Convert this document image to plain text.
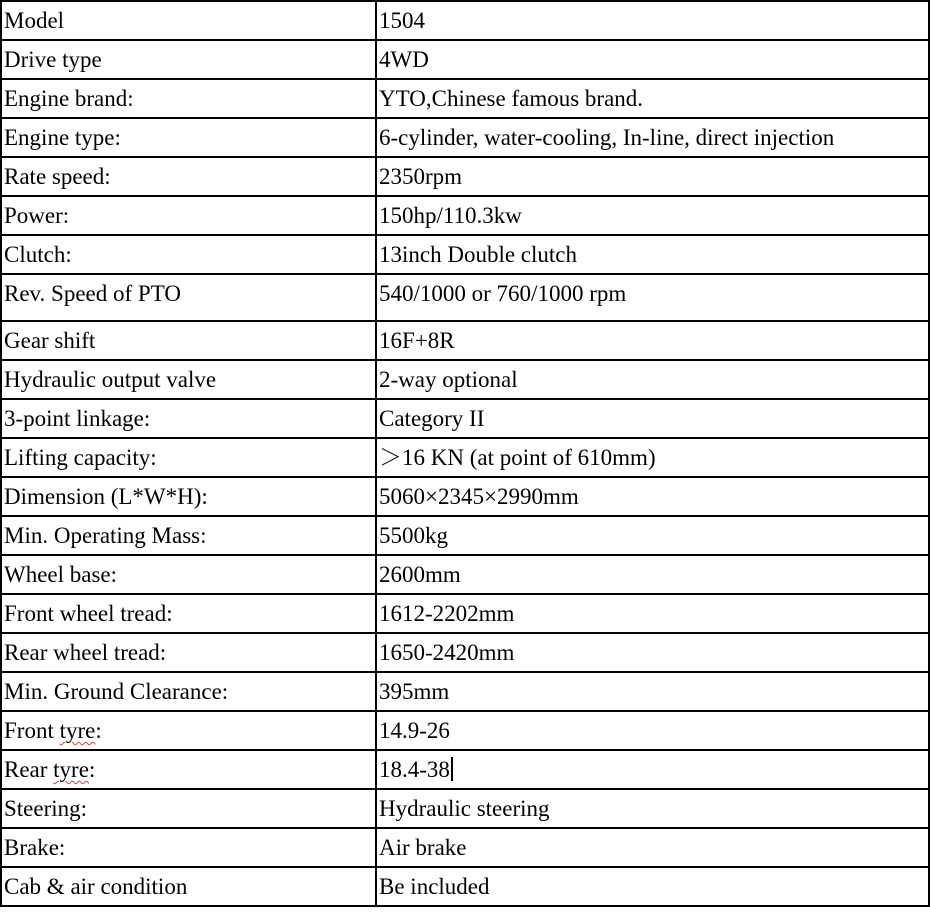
Model	1504
Drive type	4WD
Engine brand:	YTO,Chinese famous brand.
Engine type:	6-cylinder, water-cooling, In-line, direct injection
Rate speed:	2350rpm
Power:	150hp/110.3kw
Clutch:	13inch Double clutch
Rev. Speed of PTO	540/1000 or 760/1000 rpm
Gear shift	16F+8R
Hydraulic output valve	2-way optional
3-point linkage:	Category II
Lifting capacity:	＞16 KN (at point of 610mm)
Dimension (L*W*H):	5060×2345×2990mm
Min. Operating Mass:	5500kg
Wheel base:	2600mm
Front wheel tread:	1612-2202mm
Rear wheel tread:	1650-2420mm
Min. Ground Clearance:	395mm
Front tyre:	14.9-26
Rear tyre:	18.4-38
Steering:	Hydraulic steering
Brake:	Air brake
Cab & air condition	Be included
